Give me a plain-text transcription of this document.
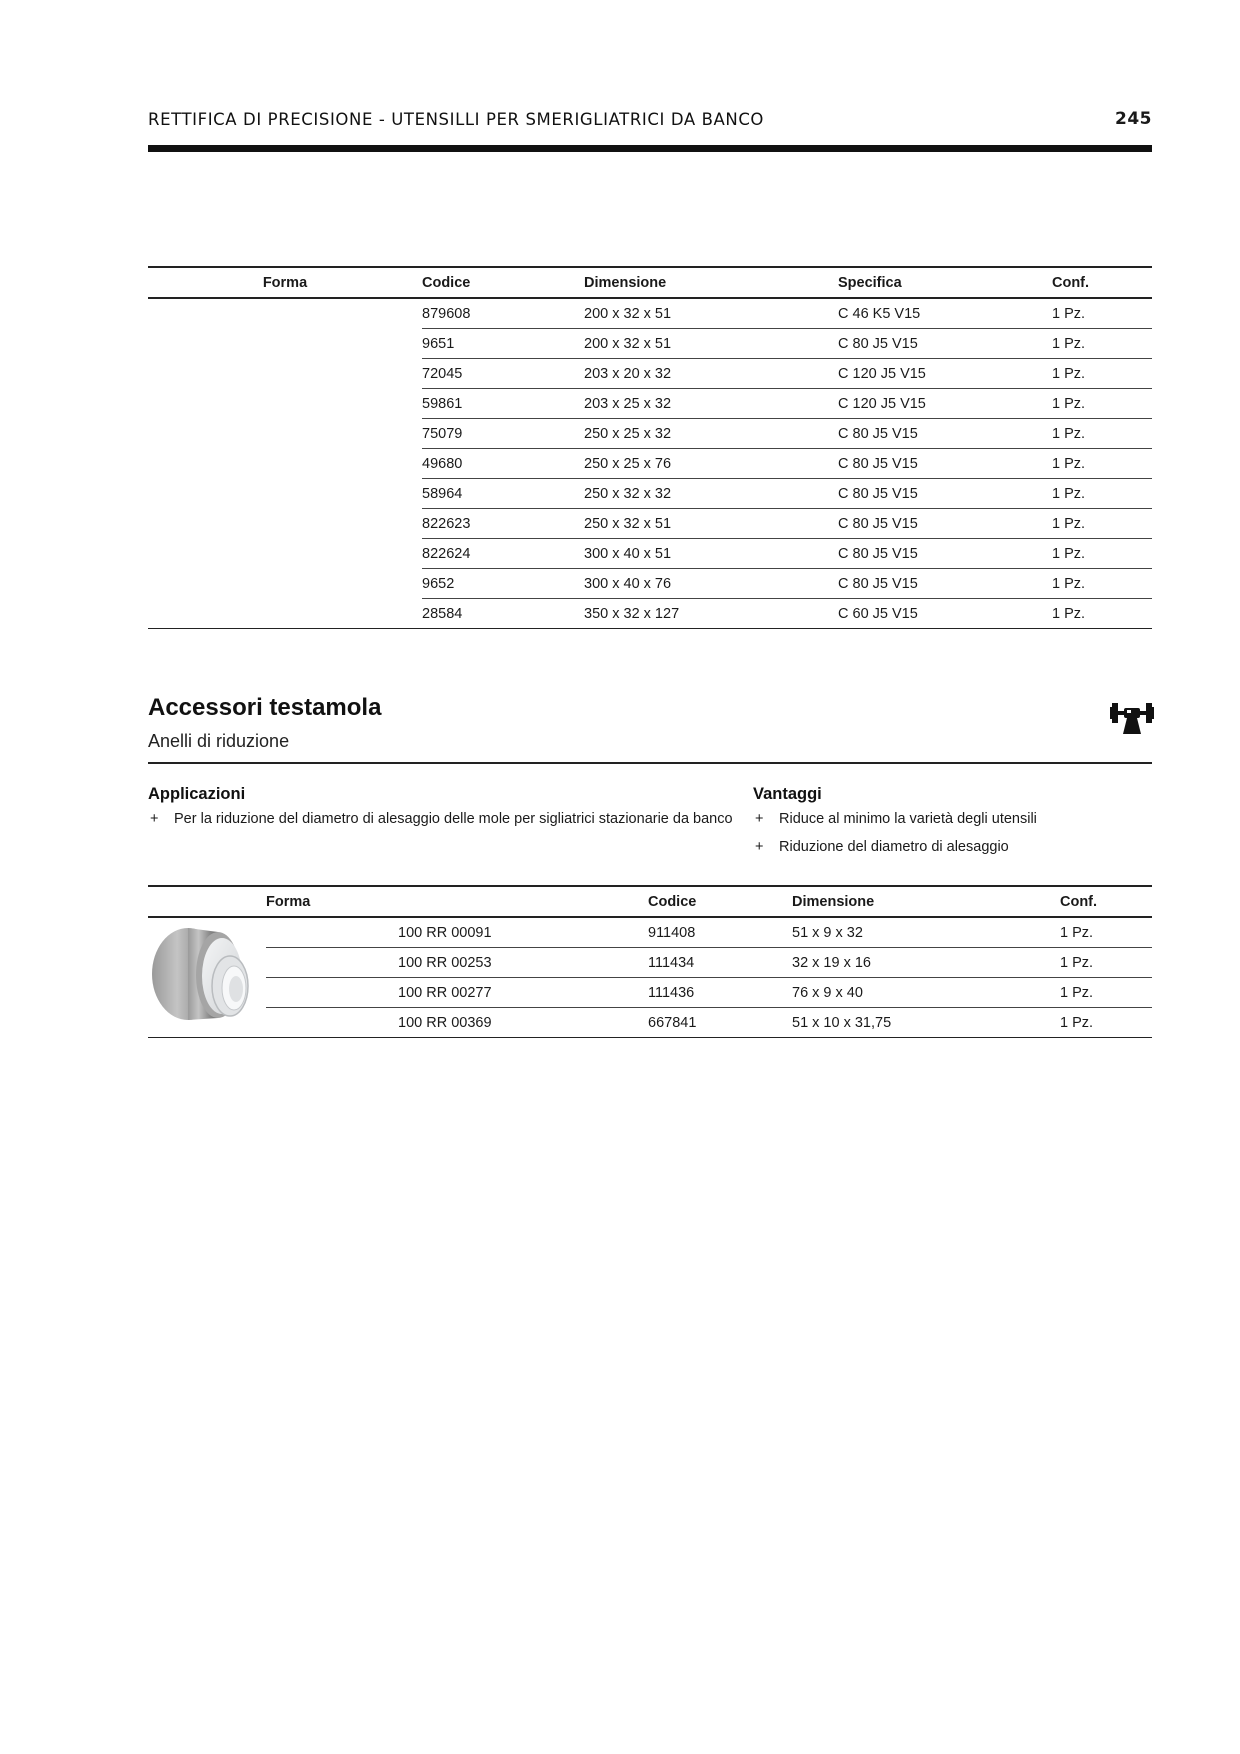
RETTIFICA DI PRECISIONE - UTENSILLI PER SMERIGLIATRICI DA BANCO	245
Forma	Codice	Dimensione	Specifica	Conf.
	879608	200 x 32 x 51	C 46 K5 V15	1 Pz.
	9651	200 x 32 x 51	C 80 J5 V15	1 Pz.
	72045	203 x 20 x 32	C 120 J5 V15	1 Pz.
	59861	203 x 25 x 32	C 120 J5 V15	1 Pz.
	75079	250 x 25 x 32	C 80 J5 V15	1 Pz.
	49680	250 x 25 x 76	C 80 J5 V15	1 Pz.
	58964	250 x 32 x 32	C 80 J5 V15	1 Pz.
	822623	250 x 32 x 51	C 80 J5 V15	1 Pz.
	822624	300 x 40 x 51	C 80 J5 V15	1 Pz.
	9652	300 x 40 x 76	C 80 J5 V15	1 Pz.
	28584	350 x 32 x 127	C 60 J5 V15	1 Pz.
Accessori testamola
Anelli di riduzione
Applicazioni
+ Per la riduzione del diametro di alesaggio delle mole per sigliatrici stazionarie da banco
Vantaggi
+ Riduce al minimo la varietà degli utensili
+ Riduzione del diametro di alesaggio
Forma			Codice	Dimensione	Conf.
		100 RR 00091	911408	51 x 9 x 32	1 Pz.
		100 RR 00253	111434	32 x 19 x 16	1 Pz.
		100 RR 00277	111436	76 x 9 x 40	1 Pz.
		100 RR 00369	667841	51 x 10 x 31,75	1 Pz.
